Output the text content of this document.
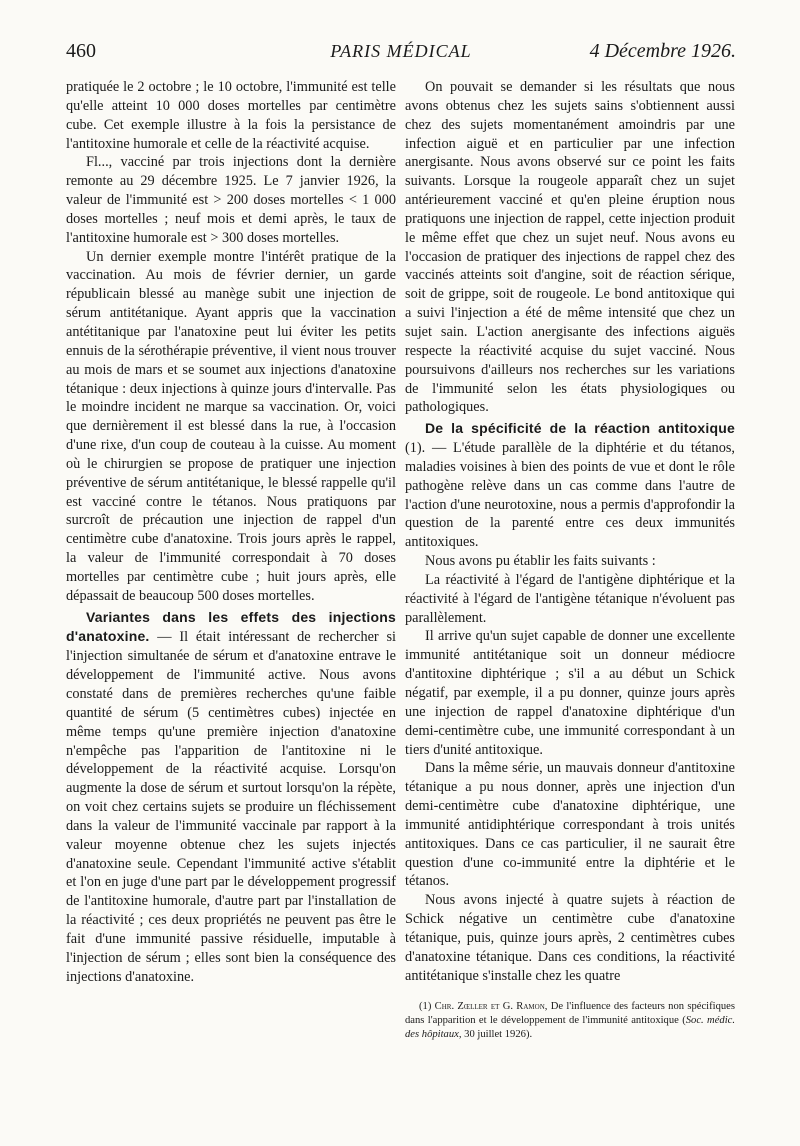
460	PARIS MÉDICAL	4 Décembre 1926.

pratiquée le 2 octobre ; le 10 octobre, l'immunité est telle qu'elle atteint 10 000 doses mortelles par centimètre cube. Cet exemple illustre à la fois la persistance de l'antitoxine humorale et celle de la réactivité acquise.

Fl..., vacciné par trois injections dont la dernière remonte au 29 décembre 1925. Le 7 janvier 1926, la valeur de l'immunité est > 200 doses mortelles < 1 000 doses mortelles ; neuf mois et demi après, le taux de l'antitoxine humorale est > 300 doses mortelles.

Un dernier exemple montre l'intérêt pratique de la vaccination. Au mois de février dernier, un garde républicain blessé au manège subit une injection de sérum antitétanique. Ayant appris que la vaccination antétitanique par l'anatoxine peut lui éviter les petits ennuis de la sérothérapie préventive, il vient nous trouver au mois de mars et se soumet aux injections d'anatoxine tétanique : deux injections à quinze jours d'intervalle. Pas le moindre incident ne marque sa vaccination. Or, voici que dernièrement il est blessé dans la rue, à l'occasion d'une rixe, d'un coup de couteau à la cuisse. Au moment où le chirurgien se propose de pratiquer une injection préventive de sérum antitétanique, le blessé rappelle qu'il est vacciné contre le tétanos. Nous pratiquons par surcroît de précaution une injection de rappel d'un centimètre cube d'anatoxine. Trois jours après le rappel, la valeur de l'immunité correspondait à 70 doses mortelles par centimètre cube ; huit jours après, elle dépassait de beaucoup 500 doses mortelles.

Variantes dans les effets des injections d'anatoxine. — Il était intéressant de rechercher si l'injection simultanée de sérum et d'anatoxine entrave le développement de l'immunité active. Nous avons constaté dans de premières recherches qu'une faible quantité de sérum (5 centimètres cubes) injectée en même temps qu'une première injection d'anatoxine n'empêche pas l'apparition de l'antitoxine ni le développement de la réactivité acquise. Lorsqu'on augmente la dose de sérum et surtout lorsqu'on la répète, on voit chez certains sujets se produire un fléchissement dans la valeur de l'immunité vaccinale par rapport à la valeur moyenne obtenue chez les sujets injectés d'anatoxine seule. Cependant l'immunité active s'établit et l'on en juge d'une part par le développement progressif de l'antitoxine humorale, d'autre part par l'installation de la réactivité ; ces deux propriétés ne peuvent pas être le fait d'une immunité passive résiduelle, imputable à l'injection de sérum ; elles sont bien la conséquence des injections d'anatoxine.

On pouvait se demander si les résultats que nous avons obtenus chez les sujets sains s'obtiennent aussi chez des sujets momentanément amoindris par une infection aiguë et en particulier par une infection anergisante. Nous avons observé sur ce point les faits suivants. Lorsque la rougeole apparaît chez un sujet antérieurement vacciné et qu'en pleine éruption nous pratiquons une injection de rappel, cette injection produit le même effet que chez un sujet neuf. Nous avons eu l'occasion de pratiquer des injections de rappel chez des vaccinés atteints soit d'angine, soit de réaction sérique, soit de grippe, soit de rougeole. Le bond antitoxique qui a suivi l'injection a été de même intensité que chez un sujet sain. L'action anergisante des infections aiguës respecte la réactivité acquise du sujet vacciné. Nous poursuivons d'ailleurs nos recherches sur les variations de l'immunité selon les états physiologiques ou pathologiques.

De la spécificité de la réaction antitoxique (1). — L'étude parallèle de la diphtérie et du tétanos, maladies voisines à bien des points de vue et dont le rôle pathogène relève dans un cas comme dans l'autre de l'action d'une neurotoxine, nous a permis d'approfondir la question de la parenté entre ces deux immunités antitoxiques.

Nous avons pu établir les faits suivants :

La réactivité à l'égard de l'antigène diphtérique et la réactivité à l'égard de l'antigène tétanique n'évoluent pas parallèlement.

Il arrive qu'un sujet capable de donner une excellente immunité antitétanique soit un donneur médiocre d'antitoxine diphtérique ; s'il a au début un Schick négatif, par exemple, il a pu donner, quinze jours après une injection de rappel d'anatoxine diphtérique d'un demi-centimètre cube, une immunité correspondant à un tiers d'unité antitoxique.

Dans la même série, un mauvais donneur d'antitoxine tétanique a pu nous donner, après une injection d'un demi-centimètre cube d'anatoxine diphtérique, une immunité antidiphtérique correspondant à trois unités antitoxiques. Dans ce cas particulier, il ne saurait être question d'une co-immunité entre la diphtérie et le tétanos.

Nous avons injecté à quatre sujets à réaction de Schick négative un centimètre cube d'anatoxine tétanique, puis, quinze jours après, 2 centimètres cubes d'anatoxine tétanique. Dans ces conditions, la réactivité antitétanique s'installe chez les quatre

(1) Chr. Zœller et G. Ramon, De l'influence des facteurs non spécifiques dans l'apparition et le développement de l'immunité antitoxique (Soc. médic. des hôpitaux, 30 juillet 1926).
